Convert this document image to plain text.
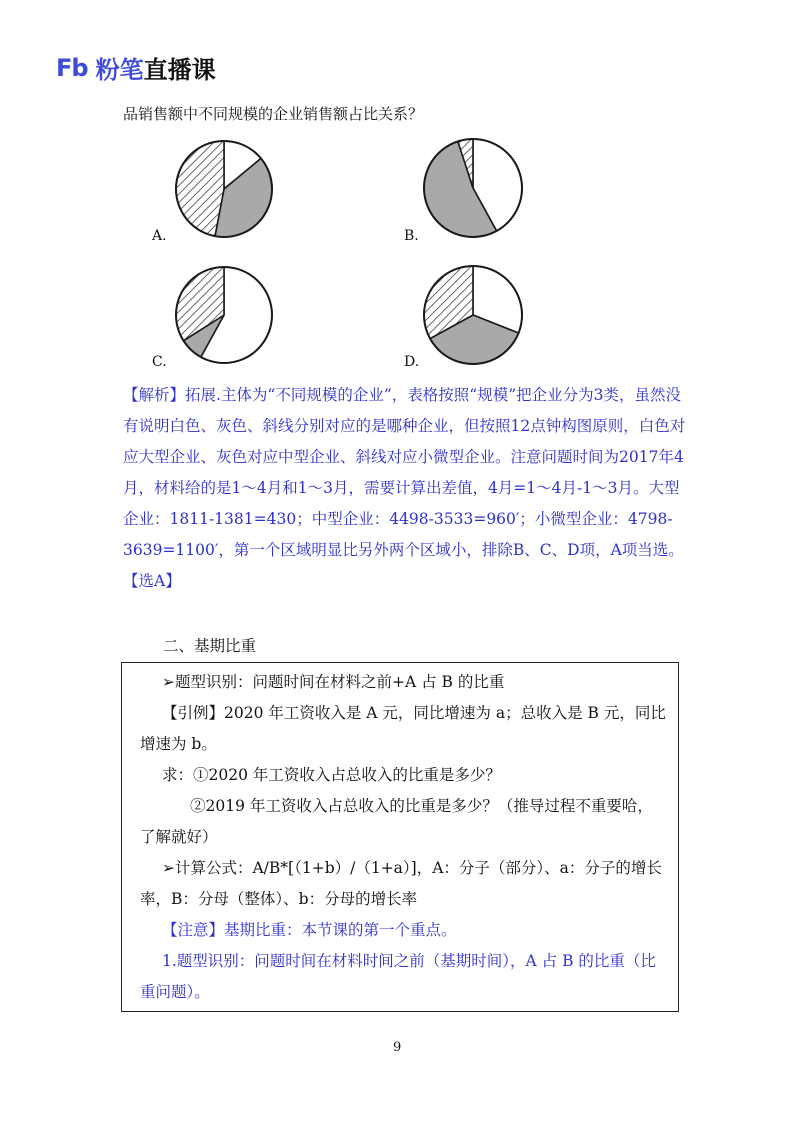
Fb 粉笔直播课
品销售额中不同规模的企业销售额占比关系？
A.	B.
C.	D.
【解析】拓展.主体为“不同规模的企业”，表格按照“规模”把企业分为3类，虽然没有说明白色、灰色、斜线分别对应的是哪种企业，但按照12点钟构图原则，白色对应大型企业、灰色对应中型企业、斜线对应小微型企业。注意问题时间为2017年4月，材料给的是1～4月和1～3月，需要计算出差值，4月=1～4月-1～3月。大型企业：1811-1381=430；中型企业：4498-3533=960′；小微型企业：4798-3639=1100′，第一个区域明显比另外两个区域小，排除B、C、D项，A项当选。【选A】
二、基期比重

➢题型识别：问题时间在材料之前+A 占 B 的比重

【引例】2020 年工资收入是 A 元，同比增速为 a；总收入是 B 元，同比增速为 b。

求：①2020 年工资收入占总收入的比重是多少？

②2019 年工资收入占总收入的比重是多少？（推导过程不重要哈，了解就好）

➢计算公式：A/B*[（1+b）/（1+a）]，A：分子（部分）、a：分子的增长率，B：分母（整体）、b：分母的增长率

【注意】基期比重：本节课的第一个重点。

1.题型识别：问题时间在材料时间之前（基期时间），A 占 B 的比重（比重问题）。

9
